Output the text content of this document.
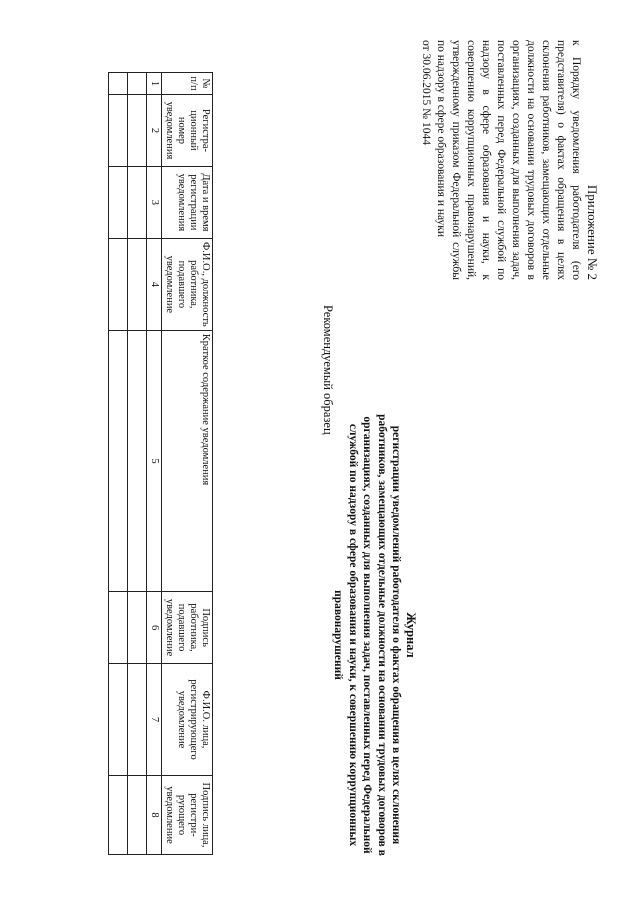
Приложение № 2
к Порядку уведомления работодателя (его представителя) о фактах обращения в целях склонения работников, замещающих отдельные должности на основании трудовых договоров в организациях, созданных для выполнения задач, поставленных перед Федеральной службой по надзору в сфере образования и науки, к совершению коррупционных правонарушений, утвержденному приказом Федеральной службы по надзору в сфере образования и науки
от 30.06.2015 № 1044
Рекомендуемый образец
Журнал
регистрации уведомлений работодателя о фактах обращения в целях склонения работников, замещающих отдельные должности на основании трудовых договоров в организациях, созданных для выполнения задач, поставленных перед Федеральной службой по надзору в сфере образования и науки, к совершению коррупционных правонарушений
№ п/п	Регистра-ционный номер уведомления	Дата и время регистрации уведомления	Ф.И.О., должность работника, подавшего уведомление	Краткое содержание уведомления	Подпись работника, подавшего уведомление	Ф.И.О. лица, регистрирующего уведомление	Подпись лица, регистри-рующего уведомление
1	2	3	4	5	6	7	8
